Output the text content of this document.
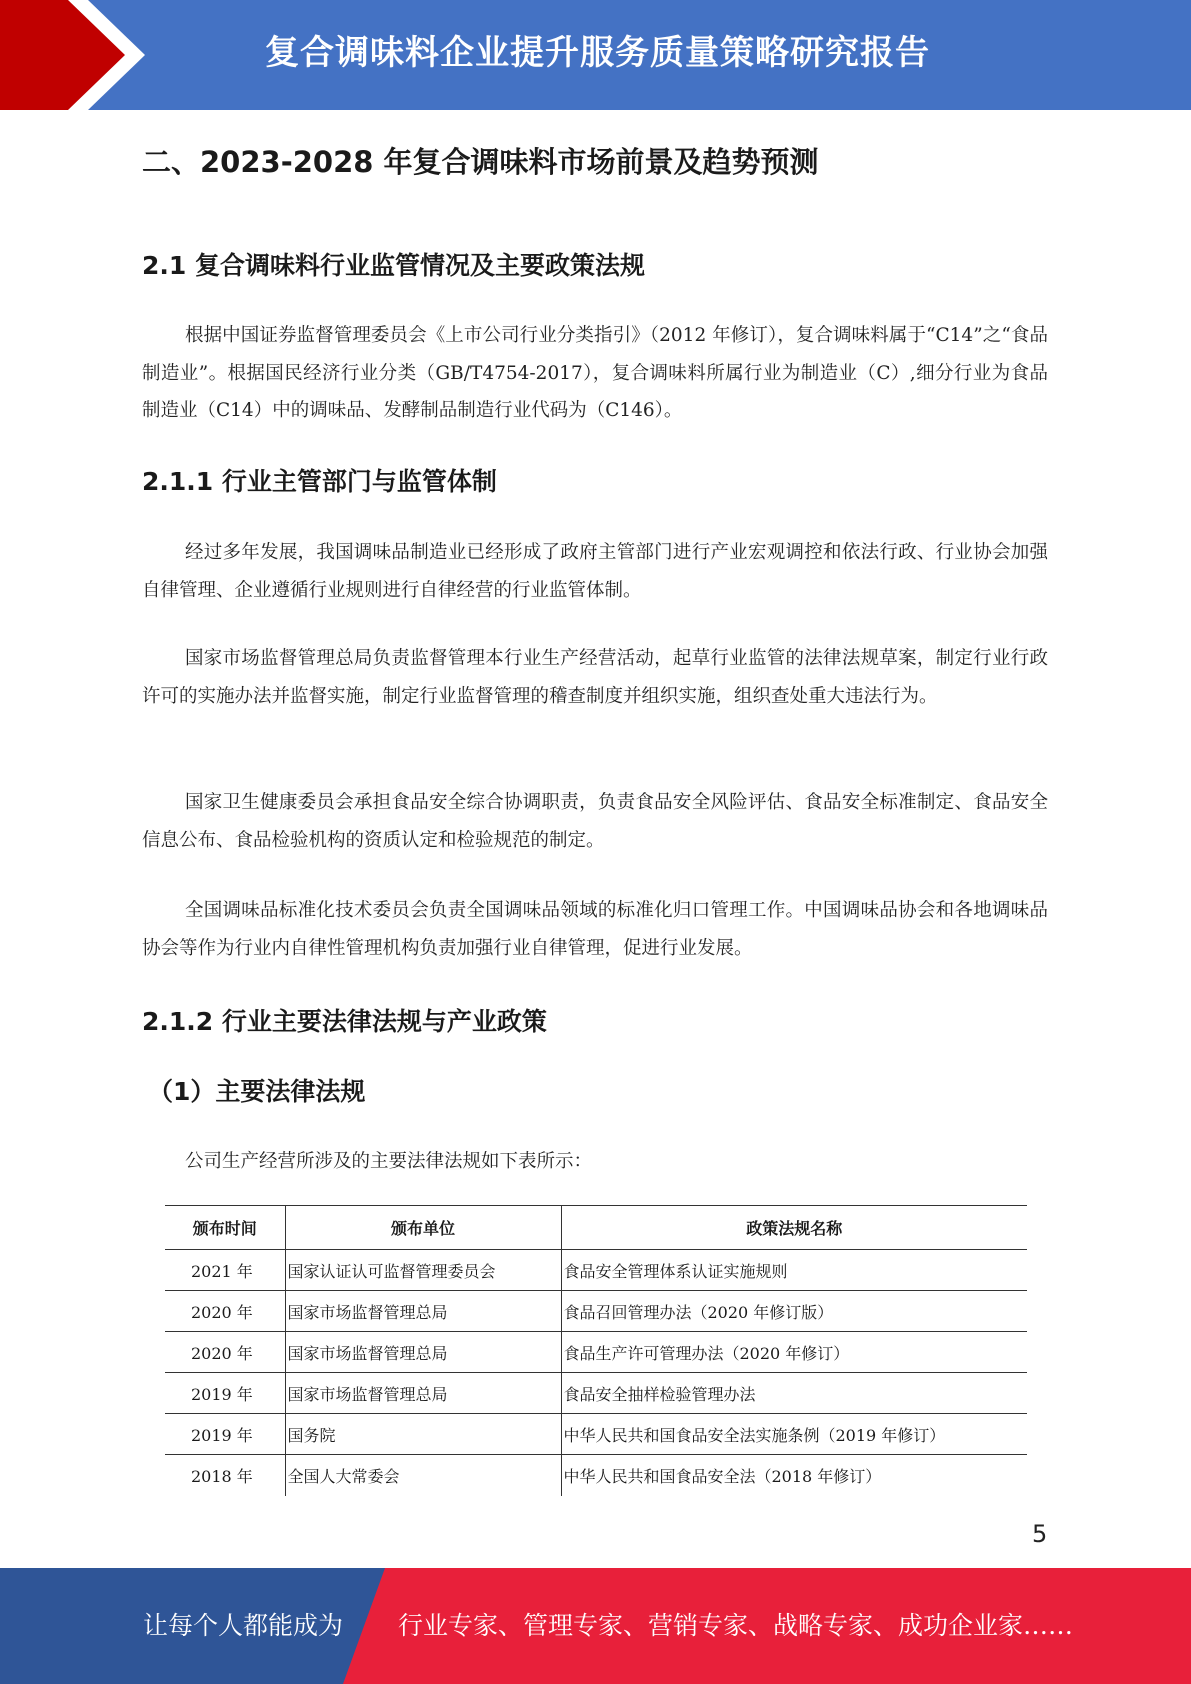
复合调味料企业提升服务质量策略研究报告
二、2023-2028 年复合调味料市场前景及趋势预测
2.1 复合调味料行业监管情况及主要政策法规
根据中国证券监督管理委员会《上市公司行业分类指引》（2012 年修订），复合调味料属于“C14”之“食品制造业”。根据国民经济行业分类（GB/T4754-2017），复合调味料所属行业为制造业（C）,细分行业为食品制造业（C14）中的调味品、发酵制品制造行业代码为（C146）。
2.1.1 行业主管部门与监管体制
经过多年发展，我国调味品制造业已经形成了政府主管部门进行产业宏观调控和依法行政、行业协会加强自律管理、企业遵循行业规则进行自律经营的行业监管体制。
国家市场监督管理总局负责监督管理本行业生产经营活动，起草行业监管的法律法规草案，制定行业行政许可的实施办法并监督实施，制定行业监督管理的稽查制度并组织实施，组织查处重大违法行为。
国家卫生健康委员会承担食品安全综合协调职责，负责食品安全风险评估、食品安全标准制定、食品安全信息公布、食品检验机构的资质认定和检验规范的制定。
全国调味品标准化技术委员会负责全国调味品领域的标准化归口管理工作。中国调味品协会和各地调味品协会等作为行业内自律性管理机构负责加强行业自律管理，促进行业发展。
2.1.2 行业主要法律法规与产业政策
（1）主要法律法规
公司生产经营所涉及的主要法律法规如下表所示：
颁布时间	颁布单位	政策法规名称
2021 年	国家认证认可监督管理委员会	食品安全管理体系认证实施规则
2020 年	国家市场监督管理总局	食品召回管理办法（2020 年修订版）
2020 年	国家市场监督管理总局	食品生产许可管理办法（2020 年修订）
2019 年	国家市场监督管理总局	食品安全抽样检验管理办法
2019 年	国务院	中华人民共和国食品安全法实施条例（2019 年修订）
2018 年	全国人大常委会	中华人民共和国食品安全法（2018 年修订）
5
让每个人都能成为 行业专家、管理专家、营销专家、战略专家、成功企业家……
